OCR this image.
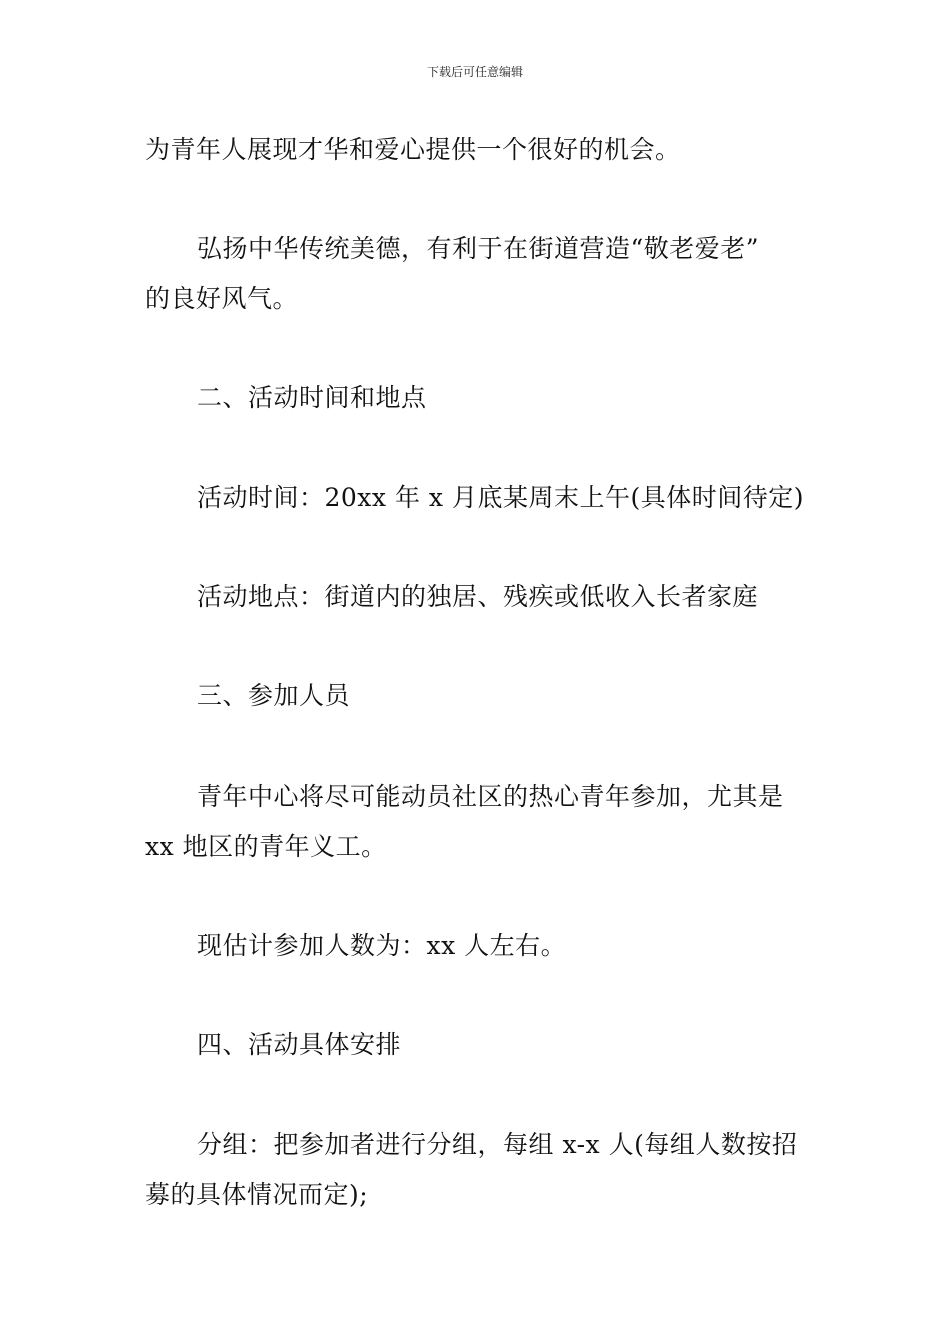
下载后可任意编辑
为青年人展现才华和爱心提供一个很好的机会。
弘扬中华传统美德，有利于在街道营造“敬老爱老”
的良好风气。
二、活动时间和地点
活动时间：20xx 年 x 月底某周末上午(具体时间待定)
活动地点：街道内的独居、残疾或低收入长者家庭
三、参加人员
青年中心将尽可能动员社区的热心青年参加，尤其是
xx 地区的青年义工。
现估计参加人数为：xx 人左右。
四、活动具体安排
分组：把参加者进行分组，每组 x-x 人(每组人数按招
募的具体情况而定);
